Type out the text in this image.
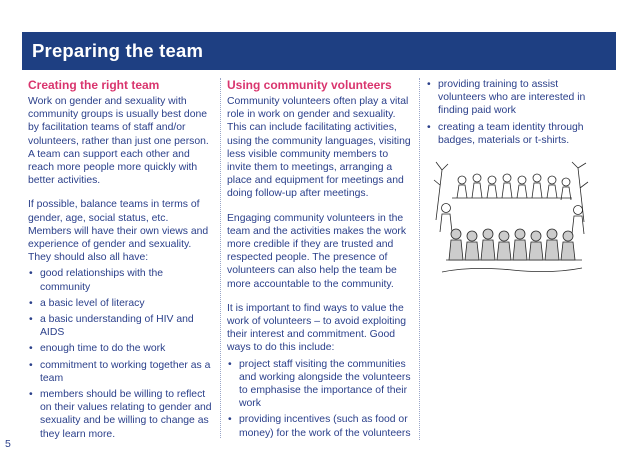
Preparing the team
Creating the right team

Work on gender and sexuality with community groups is usually best done by facilitation teams of staff and/or volunteers, rather than just one person. A team can support each other and reach more people more quickly with better activities.

If possible, balance teams in terms of gender, age, social status, etc. Members will have their own views and experience of gender and sexuality. They should also all have:

• good relationships with the community
• a basic level of literacy
• a basic understanding of HIV and AIDS
• enough time to do the work
• commitment to working together as a team
• members should be willing to reflect on their values relating to gender and sexuality and be willing to change as they learn more.
Using community volunteers

Community volunteers often play a vital role in work on gender and sexuality. This can include facilitating activities, using the community languages, visiting less visible community members to invite them to meetings, arranging a place and equipment for meetings and doing follow-up after meetings.

Engaging community volunteers in the team and the activities makes the work more credible if they are trusted and respected people. The presence of volunteers can also help the team be more accountable to the community.

It is important to find ways to value the work of volunteers – to avoid exploiting their interest and commitment. Good ways to do this include:

• project staff visiting the communities and working alongside the volunteers to emphasise the importance of their work
• providing incentives (such as food or money) for the work of the volunteers
• providing training to assist volunteers who are interested in finding paid work
• creating a team identity through badges, materials or t-shirts.
5
